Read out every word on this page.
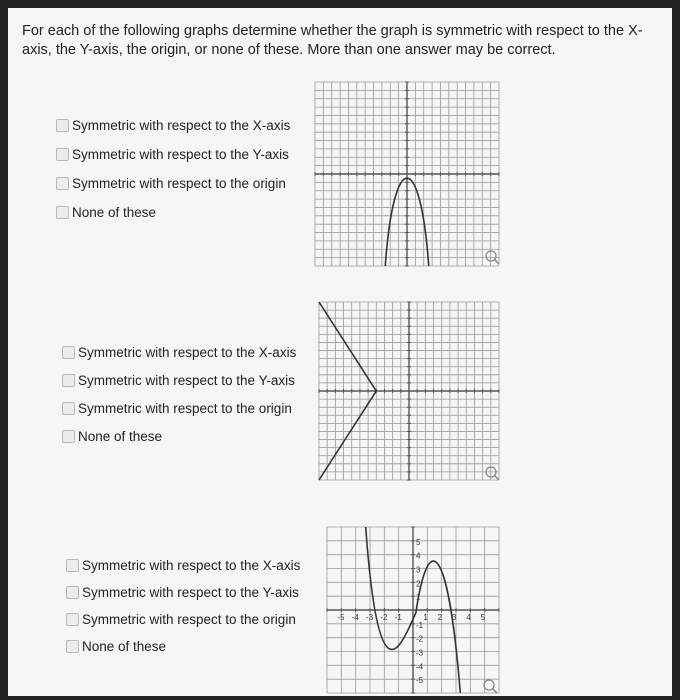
For each of the following graphs determine whether the graph is symmetric with respect to the X-axis, the Y-axis, the origin, or none of these. More than one answer may be correct.
Symmetric with respect to the X-axis
Symmetric with respect to the Y-axis
Symmetric with respect to the origin
None of these
Symmetric with respect to the X-axis
Symmetric with respect to the Y-axis
Symmetric with respect to the origin
None of these
Symmetric with respect to the X-axis
Symmetric with respect to the Y-axis
Symmetric with respect to the origin
None of these
5
4
3
2
1
-1
-2
-3
-4
-5
-5 -4 -3 -2 -1	1 2 3 4 5
